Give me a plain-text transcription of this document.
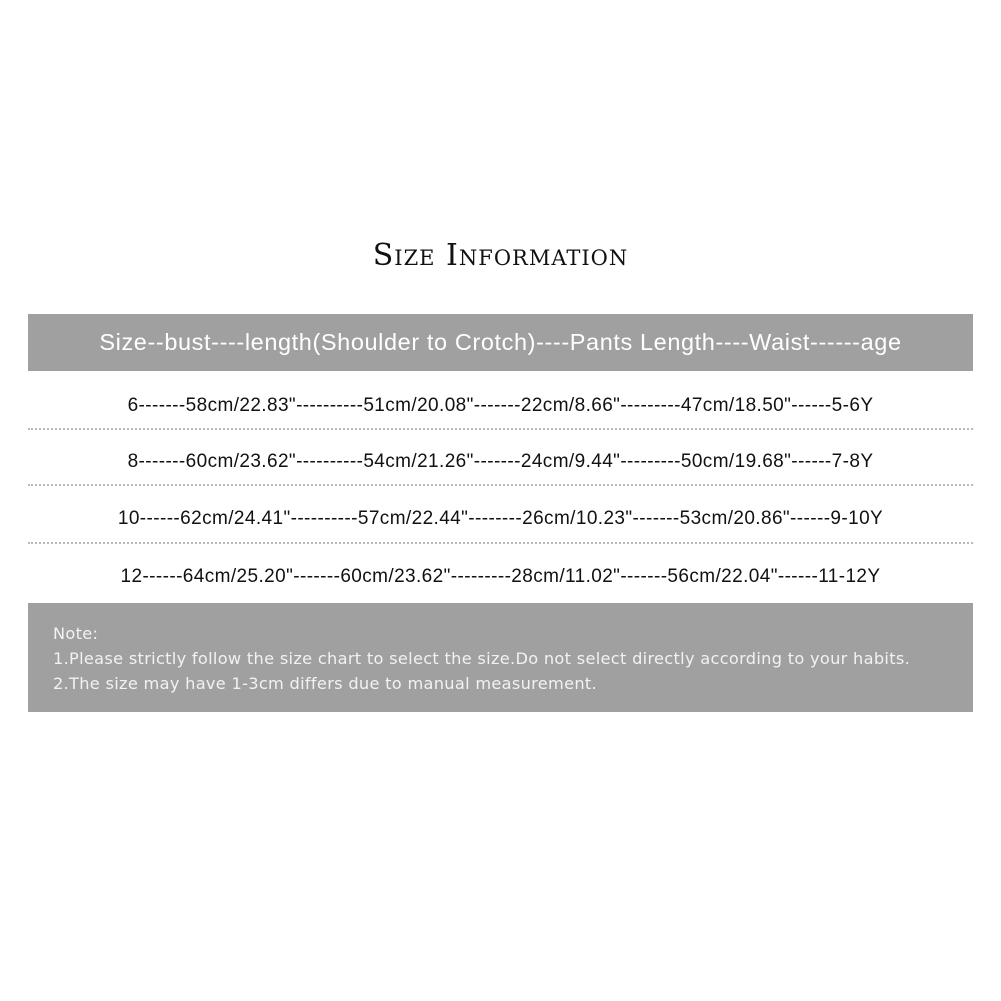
Size Information
Size--bust----length(Shoulder to Crotch)----Pants Length----Waist------age
6-------58cm/22.83"----------51cm/20.08"-------22cm/8.66"---------47cm/18.50"------5-6Y
8-------60cm/23.62"----------54cm/21.26"-------24cm/9.44"---------50cm/19.68"------7-8Y
10------62cm/24.41"----------57cm/22.44"--------26cm/10.23"-------53cm/20.86"------9-10Y
12------64cm/25.20"-------60cm/23.62"---------28cm/11.02"-------56cm/22.04"------11-12Y
Note:
1.Please strictly follow the size chart to select the size.Do not select directly according to your habits.
2.The size may have 1-3cm differs due to manual measurement.
